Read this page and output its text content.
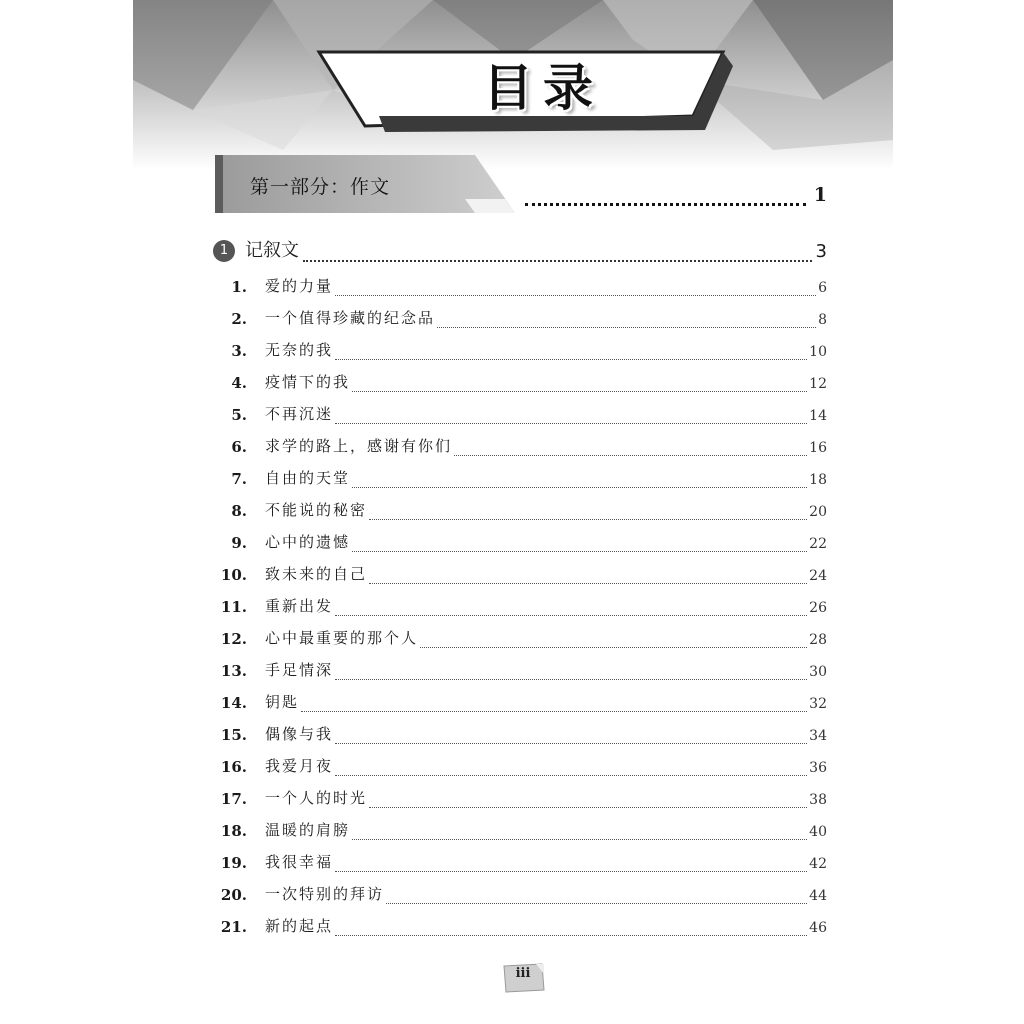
目录
第一部分：作文	1
1 记叙文	3
1. 爱的力量	6
2. 一个值得珍藏的纪念品	8
3. 无奈的我	10
4. 疫情下的我	12
5. 不再沉迷	14
6. 求学的路上，感谢有你们	16
7. 自由的天堂	18
8. 不能说的秘密	20
9. 心中的遗憾	22
10. 致未来的自己	24
11. 重新出发	26
12. 心中最重要的那个人	28
13. 手足情深	30
14. 钥匙	32
15. 偶像与我	34
16. 我爱月夜	36
17. 一个人的时光	38
18. 温暖的肩膀	40
19. 我很幸福	42
20. 一次特别的拜访	44
21. 新的起点	46
iii
